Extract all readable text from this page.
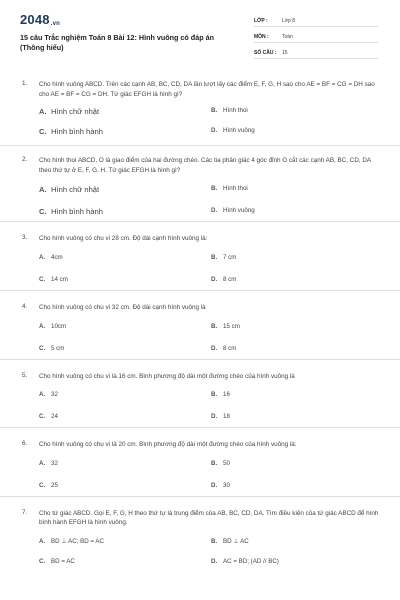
2048.vn
15 câu Trắc nghiệm Toán 8 Bài 12: Hình vuông có đáp án (Thông hiểu)
LỚP :	Lớp 8
MÔN :	Toán
SỐ CÂU : 15
1. Cho hình vuông ABCD. Trên các cạnh AB, BC, CD, DA lần lượt lấy các điểm E, F, G, H sao cho AE = BF = CG = DH sao cho AE = BF = CG = DH. Tứ giác EFGH là hình gì?
A. Hình chữ nhật	B. Hình thoi
C. Hình bình hành	D. Hình vuông
2. Cho hình thoi ABCD, O là giao điểm của hai đường chéo. Các tia phân giác 4 góc đỉnh O cắt các cạnh AB, BC, CD, DA theo thứ tự ở E, F, G, H. Tứ giác EFGH là hình gì?
A. Hình chữ nhật	B. Hình thoi
C. Hình bình hành	D. Hình vuông
3. Cho hình vuông có chu vi 28 cm. Độ dài cạnh hình vuông là:
A. 4cm	B. 7 cm
C. 14 cm	D. 8 cm
4. Cho hình vuông có chu vi 32 cm. Độ dài cạnh hình vuông là
A. 10cm	B. 15 cm
C. 5 cm	D. 8 cm
5. Cho hình vuông có chu vi là 16 cm. Bình phương độ dài một đường chéo của hình vuông là
A. 32	B. 16
C. 24	D. 18
6. Cho hình vuông có chu vi là 20 cm. Bình phương độ dài một đường chéo của hình vuông là:
A. 32	B. 50
C. 25	D. 30
7. Cho tứ giác ABCD. Gọi E, F, G, H theo thứ tự là trung điểm của AB, BC, CD, DA. Tìm điều kiện của tứ giác ABCD để hình bình hành EFGH là hình vuông.
A. BD ⊥ AC; BD = AC	B. BD ⊥ AC
C. BD = AC	D. AC = BD; (AD // BC)
